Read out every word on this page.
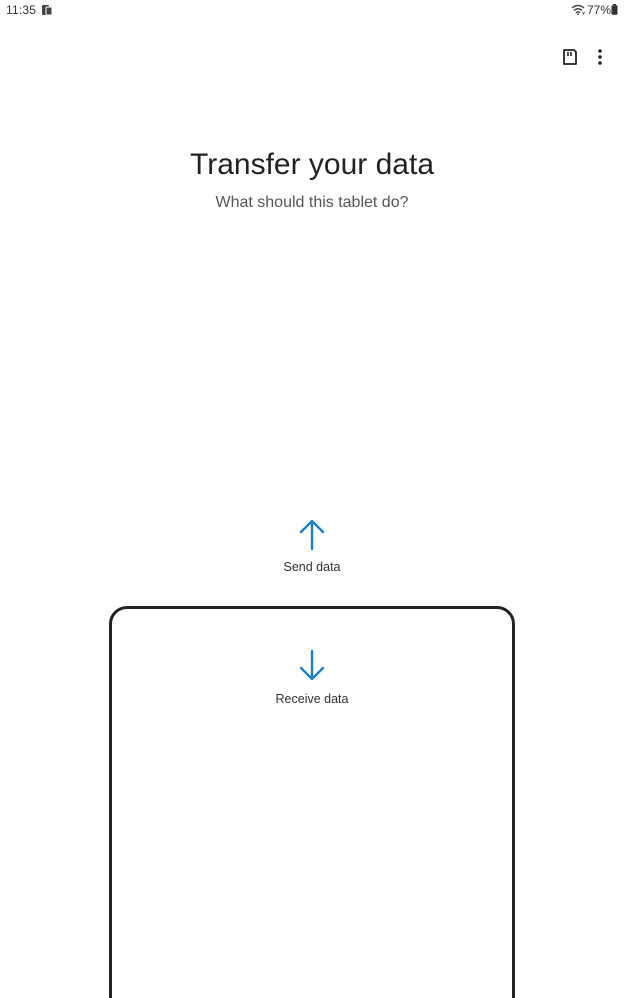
11:35	77%
Transfer your data

What should this tablet do?

Send data
Receive data
